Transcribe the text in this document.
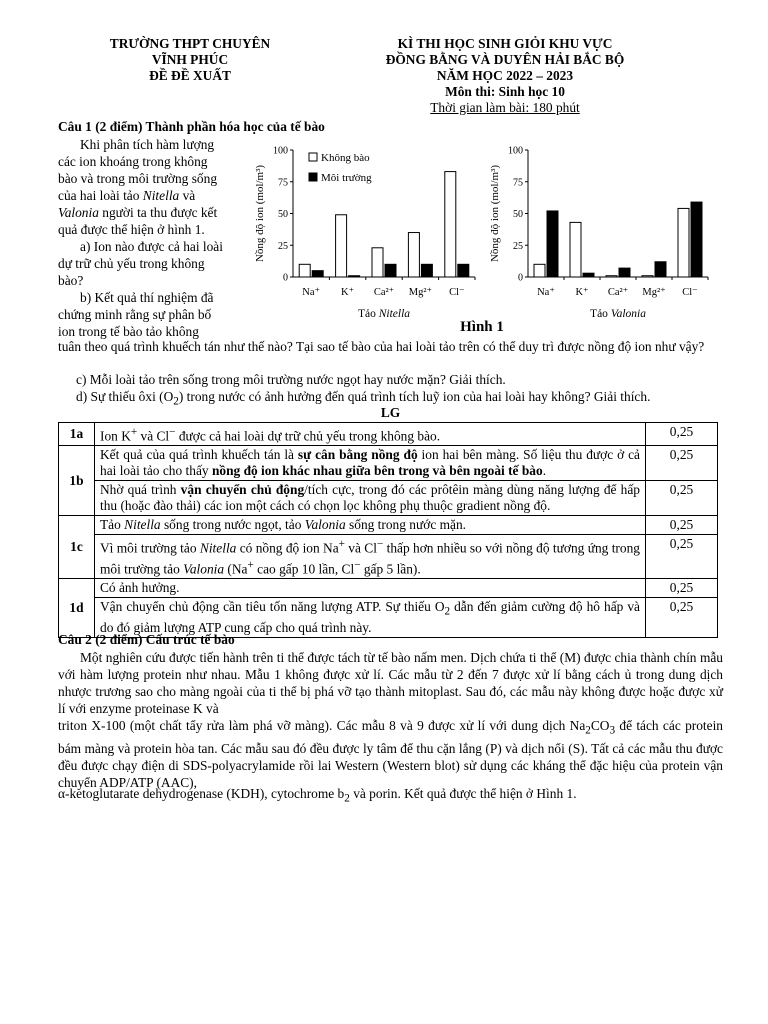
TRƯỜNG THPT CHUYÊN
VĨNH PHÚC
ĐỀ ĐỀ XUẤT
KÌ THI HỌC SINH GIỎI KHU VỰC
ĐỒNG BẰNG VÀ DUYÊN HẢI BẮC BỘ
NĂM HỌC 2022 – 2023
Môn thi: Sinh học 10
Thời gian làm bài: 180 phút
Câu 1 (2 điểm) Thành phần hóa học của tế bào
Khi phân tích hàm lượng
các ion khoáng trong không
bào và trong môi trường sống
của hai loài tảo Nitella và
Valonia người ta thu được kết
quả được thể hiện ở hình 1.
a) Ion nào được cả hai loài
dự trữ chủ yếu trong không
bào?
b) Kết quả thí nghiệm đã
chứng minh rằng sự phân bố
ion trong tế bào tảo không
Nồng độ ion (mol/m³)
0
25
50
75
100
Na⁺ K⁺ Ca²⁺ Mg²⁺ Cl⁻
Tảo Nitella
Không bào
Môi trường	Nồng độ ion (mol/m³)
0
25
50
75
100
Na⁺ K⁺ Ca²⁺ Mg²⁺ Cl⁻
Tảo Valonia
Hình 1
tuân theo quá trình khuếch tán như thế nào? Tại sao tế bào của hai loài tảo trên có thể duy trì được nồng độ ion như vậy?
c) Mỗi loài tảo trên sống trong môi trường nước ngọt hay nước mặn? Giải thích.
d) Sự thiếu ôxi $(O_2)$ trong nước có ảnh hưởng đến quá trình tích luỹ ion của hai loài hay không? Giải thích.
LG
1a	Ion K+ và Cl− được cả hai loài dự trữ chủ yếu trong không bào.	0,25
1b	Kết quả của quá trình khuếch tán là sự cân bằng nồng độ ion hai bên màng. Số liệu thu được ở cả hai loài tảo cho thấy nồng độ ion khác nhau giữa bên trong và bên ngoài tế bào.	0,25
	Nhờ quá trình vận chuyển chủ động/tích cực, trong đó các prôtêin màng dùng năng lượng để hấp thu (hoặc đào thải) các ion một cách có chọn lọc không phụ thuộc gradient nồng độ.	0,25
1c	Tảo Nitella sống trong nước ngọt, tảo Valonia sống trong nước mặn.	0,25
	Vì môi trường tảo Nitella có nồng độ ion Na+ và Cl− thấp hơn nhiều so với nồng độ tương ứng trong môi trường tảo Valonia (Na+ cao gấp 10 lần, Cl− gấp 5 lần).	0,25
1d	Có ảnh hưởng.	0,25
	Vận chuyển chủ động cần tiêu tốn năng lượng ATP. Sự thiếu $O_2$ dẫn đến giảm cường độ hô hấp và do đó giảm lượng ATP cung cấp cho quá trình này.	0,25
Câu 2 (2 điểm) Cấu trúc tế bào
Một nghiên cứu được tiến hành trên ti thể được tách từ tế bào nấm men. Dịch chứa ti thể (M) được chia thành chín mẫu với hàm lượng protein như nhau. Mẫu 1 không được xử lí. Các mẫu từ 2 đến 7 được xử lí bằng cách ủ trong dung dịch nhược trương sao cho màng ngoài của ti thể bị phá vỡ tạo thành mitoplast. Sau đó, các mẫu này không được hoặc được xử lí với enzyme proteinase K và
triton X-100 (một chất tẩy rửa làm phá vỡ màng). Các mẫu 8 và 9 được xử lí với dung dịch $Na_2CO_3$ để tách các protein bám màng và protein hòa tan. Các mẫu sau đó đều được ly tâm để thu cặn lắng (P) và dịch nổi (S). Tất cả các mẫu thu được đều được chạy điện di SDS-polyacrylamide rồi lai Western (Western blot) sử dụng các kháng thể đặc hiệu của protein vận chuyển ADP/ATP (AAC),
α-ketoglutarate dehydrogenase (KDH), cytochrome $b_2$ và porin. Kết quả được thể hiện ở Hình 1.
